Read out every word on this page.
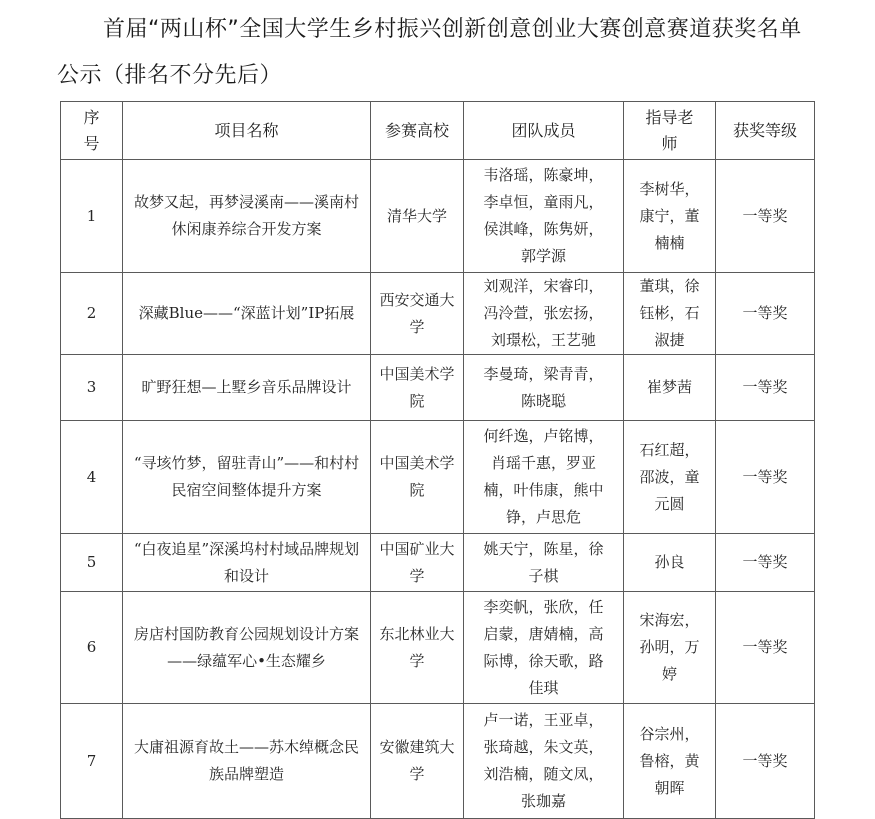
首届“两山杯”全国大学生乡村振兴创新创意创业大赛创意赛道获奖名单
公示（排名不分先后）
序号	项目名称	参赛高校	团队成员	指导老师	获奖等级
1	故梦又起，再梦浸溪南——溪南村休闲康养综合开发方案	清华大学	韦洛瑶，陈豪坤，李卓恒，童雨凡，侯淇峰，陈隽妍，郭学源	李树华，康宁，董楠楠	一等奖
2	深藏Blue——“深蓝计划”IP拓展	西安交通大学	刘观洋，宋睿印，冯泠萱，张宏扬，刘璟松，王艺驰	董琪，徐钰彬，石淑捷	一等奖
3	旷野狂想—上墅乡音乐品牌设计	中国美术学院	李曼琦，梁青青，陈晓聪	崔梦茜	一等奖
4	“寻垓竹梦，留驻青山”——和村村民宿空间整体提升方案	中国美术学院	何纤逸，卢铭博，肖瑶千惠，罗亚楠，叶伟康，熊中铮，卢思危	石红超，邵波，童元圆	一等奖
5	“白夜追星”深溪坞村村域品牌规划和设计	中国矿业大学	姚天宁，陈星，徐子棋	孙良	一等奖
6	房店村国防教育公园规划设计方案——绿蕴军心•生态耀乡	东北林业大学	李奕帆，张欣，任启蒙，唐婧楠，高际博，徐天歌，路佳琪	宋海宏，孙明，万婷	一等奖
7	大庸祖源育故土——苏木绰概念民族品牌塑造	安徽建筑大学	卢一诺，王亚卓，张琦越，朱文英，刘浩楠，随文凤，张珈嘉	谷宗州，鲁榕，黄朝晖	一等奖
